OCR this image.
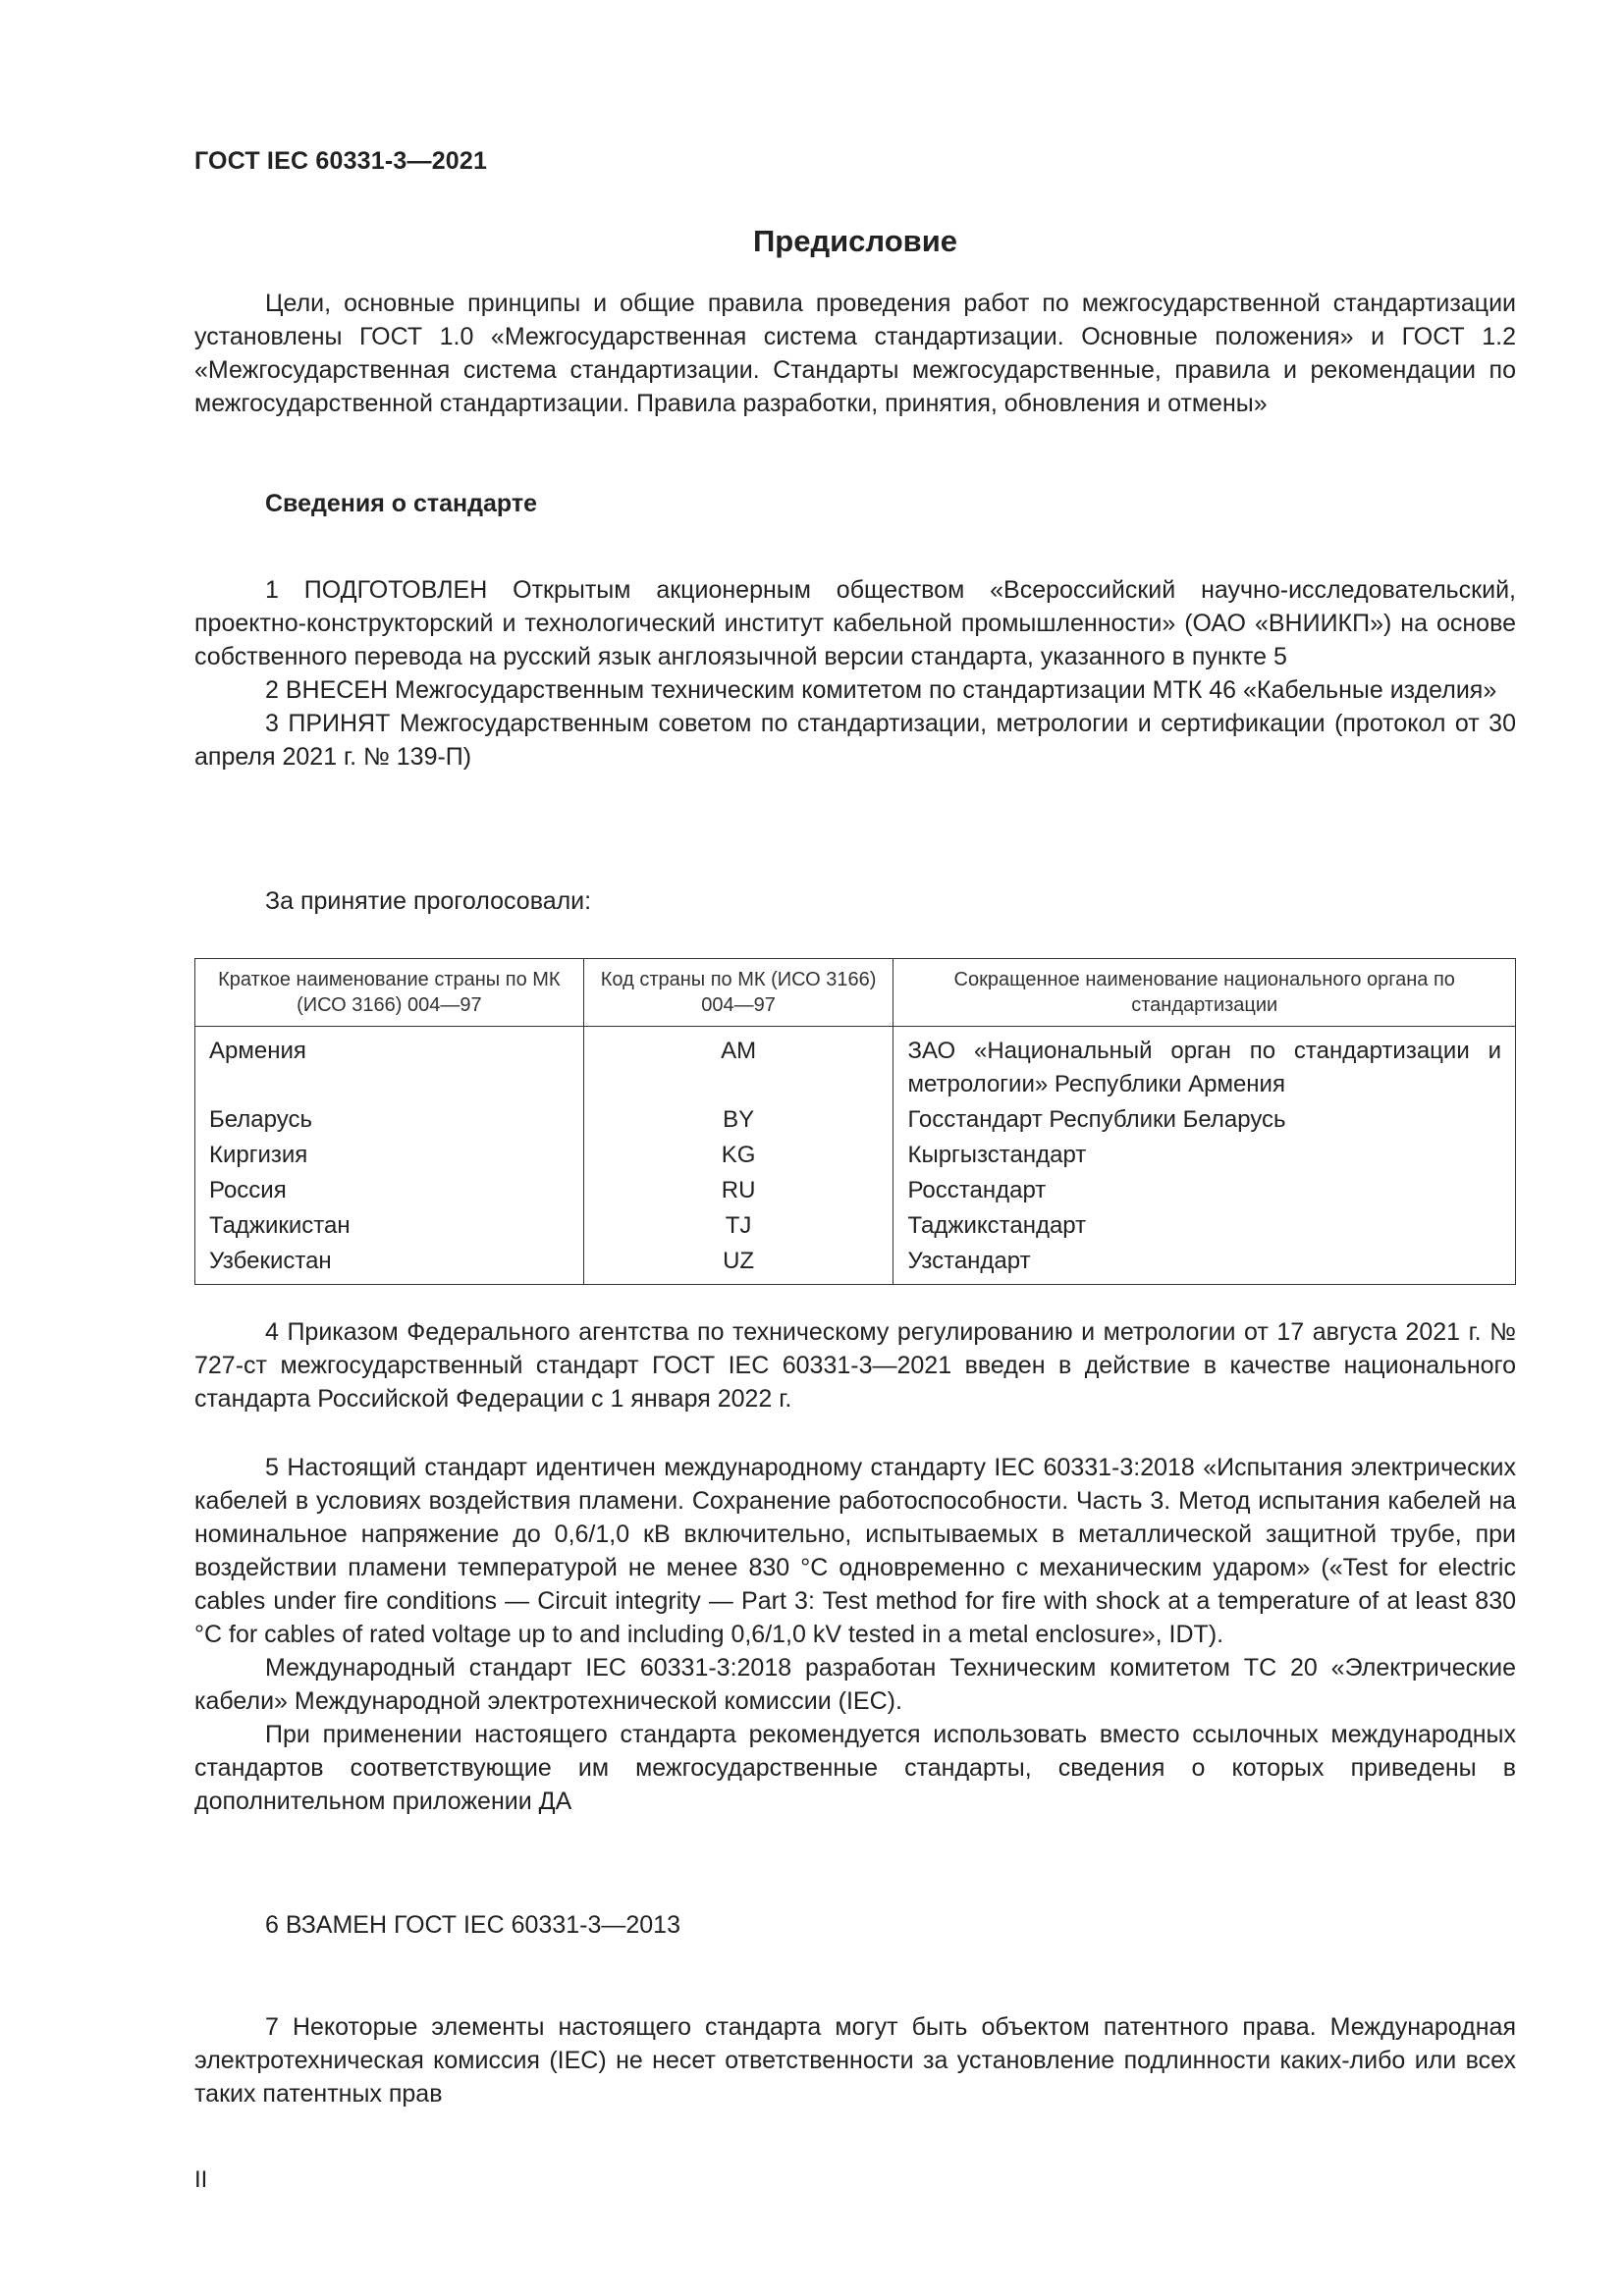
ГОСТ IEC 60331-3—2021
Предисловие

Цели, основные принципы и общие правила проведения работ по межгосударственной стандартизации установлены ГОСТ 1.0 «Межгосударственная система стандартизации. Основные положения» и ГОСТ 1.2 «Межгосударственная система стандартизации. Стандарты межгосударственные, правила и рекомендации по межгосударственной стандартизации. Правила разработки, принятия, обновления и отмены»

Сведения о стандарте

1 ПОДГОТОВЛЕН Открытым акционерным обществом «Всероссийский научно-исследовательский, проектно-конструкторский и технологический институт кабельной промышленности» (ОАО «ВНИИКП») на основе собственного перевода на русский язык англоязычной версии стандарта, указанного в пункте 5

2 ВНЕСЕН Межгосударственным техническим комитетом по стандартизации МТК 46 «Кабельные изделия»

3 ПРИНЯТ Межгосударственным советом по стандартизации, метрологии и сертификации (протокол от 30 апреля 2021 г. № 139-П)

За принятие проголосовали:
Краткое наименование страны по МК (ИСО 3166) 004—97	Код страны по МК (ИСО 3166) 004—97	Сокращенное наименование национального органа по стандартизации
Армения	AM	ЗАО «Национальный орган по стандартизации и метрологии» Республики Армения
Беларусь	BY	Госстандарт Республики Беларусь
Киргизия	KG	Кыргызстандарт
Россия	RU	Росстандарт
Таджикистан	TJ	Таджикстандарт
Узбекистан	UZ	Узстандарт

4 Приказом Федерального агентства по техническому регулированию и метрологии от 17 августа 2021 г. № 727-ст межгосударственный стандарт ГОСТ IEC 60331-3—2021 введен в действие в качестве национального стандарта Российской Федерации с 1 января 2022 г.

5 Настоящий стандарт идентичен международному стандарту IEC 60331-3:2018 «Испытания электрических кабелей в условиях воздействия пламени. Сохранение работоспособности. Часть 3. Метод испытания кабелей на номинальное напряжение до 0,6/1,0 кВ включительно, испытываемых в металлической защитной трубе, при воздействии пламени температурой не менее 830 °С одновременно с механическим ударом» («Test for electric cables under fire conditions — Circuit integrity — Part 3: Test method for fire with shock at a temperature of at least 830 °C for cables of rated voltage up to and including 0,6/1,0 kV tested in a metal enclosure», IDT).

Международный стандарт IEC 60331-3:2018 разработан Техническим комитетом TC 20 «Электрические кабели» Международной электротехнической комиссии (IEC).

При применении настоящего стандарта рекомендуется использовать вместо ссылочных международных стандартов соответствующие им межгосударственные стандарты, сведения о которых приведены в дополнительном приложении ДА

6 ВЗАМЕН ГОСТ IEC 60331-3—2013

7 Некоторые элементы настоящего стандарта могут быть объектом патентного права. Международная электротехническая комиссия (IEC) не несет ответственности за установление подлинности каких-либо или всех таких патентных прав

II
